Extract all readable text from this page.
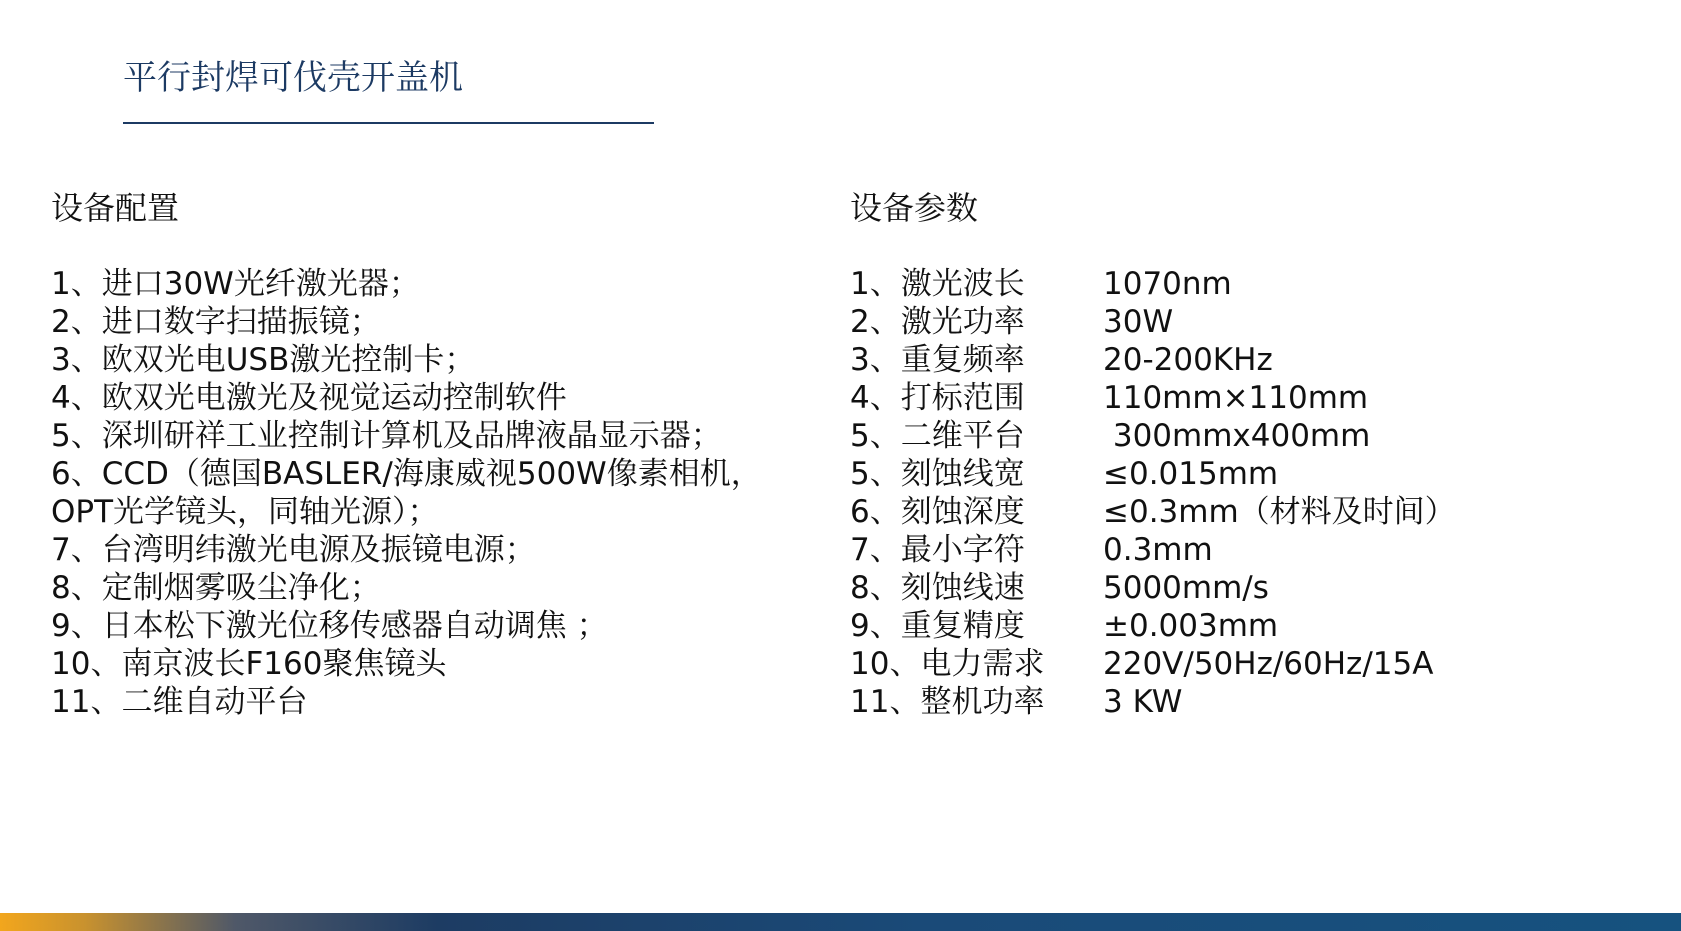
平行封焊可伐壳开盖机
设备配置
1、进口30W光纤激光器；
2、进口数字扫描振镜；
3、欧双光电USB激光控制卡；
4、欧双光电激光及视觉运动控制软件
5、深圳研祥工业控制计算机及品牌液晶显示器；
6、CCD（德国BASLER/海康威视500W像素相机，
OPT光学镜头，同轴光源）；
7、台湾明纬激光电源及振镜电源；
8、定制烟雾吸尘净化；
9、日本松下激光位移传感器自动调焦 ；
10、南京波长F160聚焦镜头
11、二维自动平台
设备参数
1、激光波长	1070nm
2、激光功率	30W
3、重复频率	20-200KHz
4、打标范围	110mm×110mm
5、二维平台	300mmx400mm
5、刻蚀线宽	≤0.015mm
6、刻蚀深度	≤0.3mm（材料及时间）
7、最小字符	0.3mm
8、刻蚀线速	5000mm/s
9、重复精度	±0.003mm
10、电力需求	220V/50Hz/60Hz/15A
11、整机功率	3 KW
